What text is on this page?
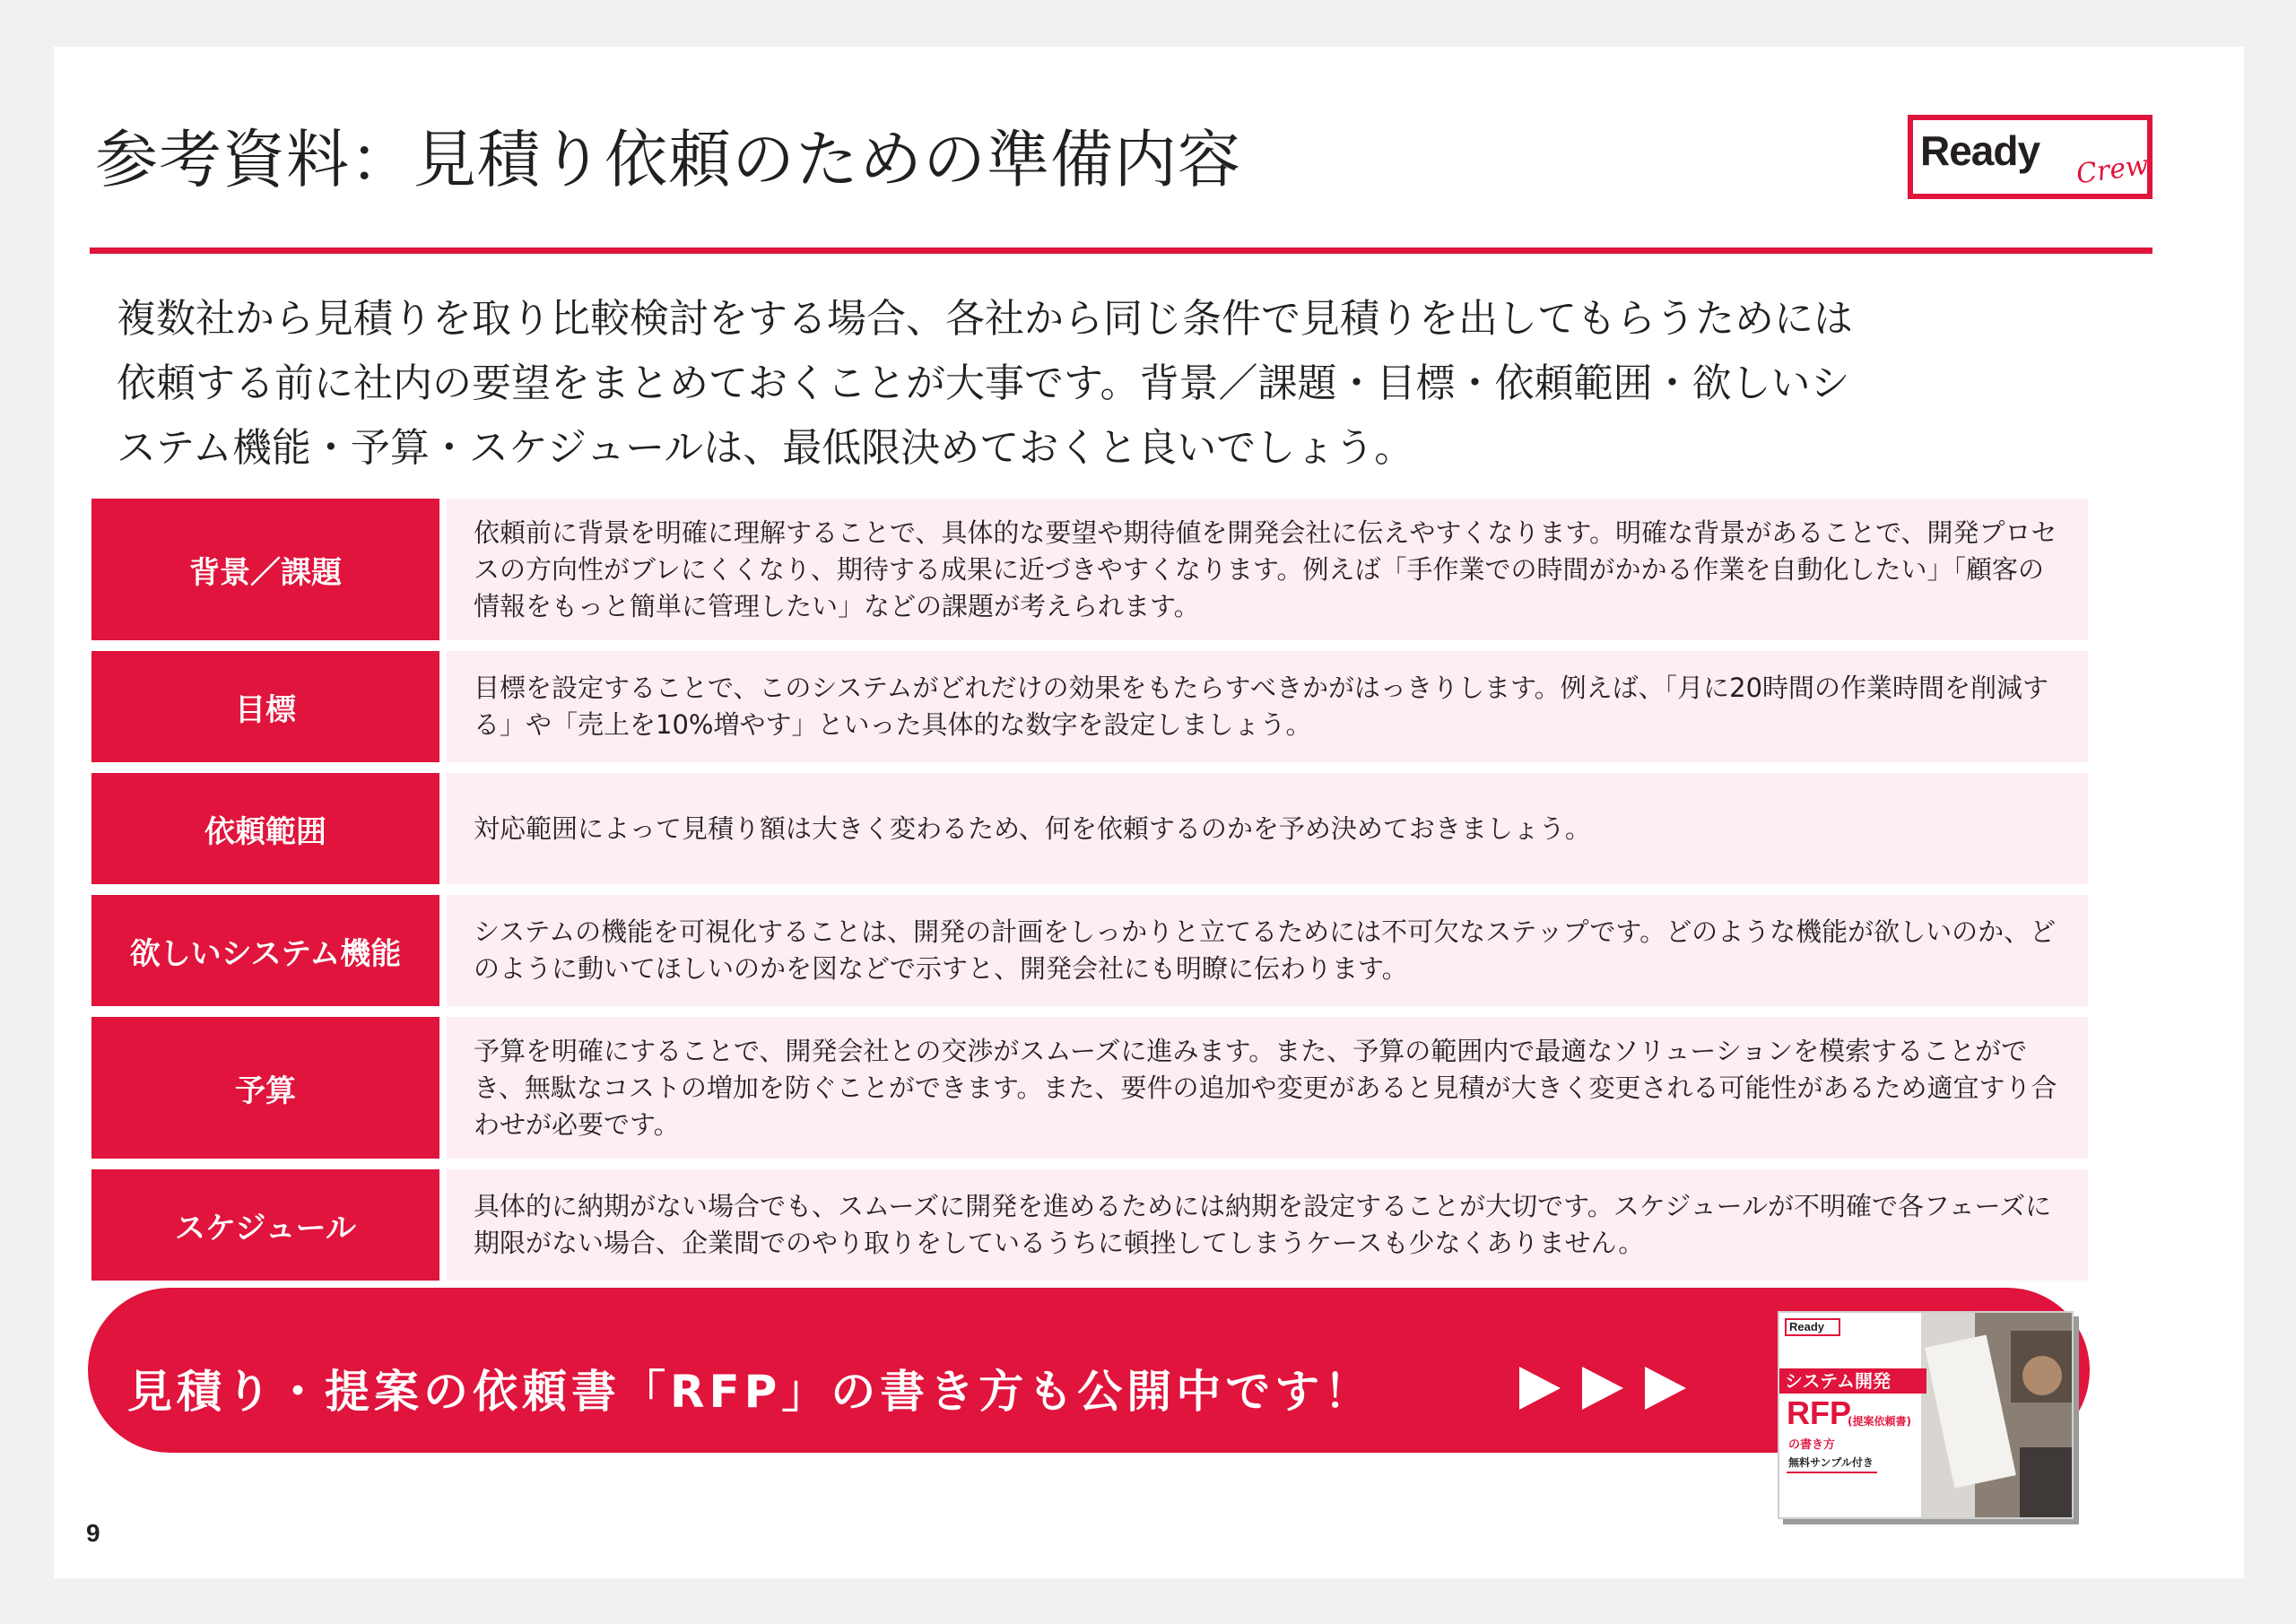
参考資料：見積り依頼のための準備内容	Ready Crew
複数社から見積りを取り比較検討をする場合、各社から同じ条件で見積りを出してもらうためには
依頼する前に社内の要望をまとめておくことが大事です。背景／課題・目標・依頼範囲・欲しいシ
ステム機能・予算・スケジュールは、最低限決めておくと良いでしょう。
背景／課題
依頼前に背景を明確に理解することで、具体的な要望や期待値を開発会社に伝えやすくなります。明確な背景があることで、開発プロセスの方向性がブレにくくなり、期待する成果に近づきやすくなります。例えば「手作業での時間がかかる作業を自動化したい」「顧客の情報をもっと簡単に管理したい」などの課題が考えられます。
目標
目標を設定することで、このシステムがどれだけの効果をもたらすべきかがはっきりします。例えば、「月に20時間の作業時間を削減する」や「売上を10%増やす」といった具体的な数字を設定しましょう。
依頼範囲	対応範囲によって見積り額は大きく変わるため、何を依頼するのかを予め決めておきましょう。
欲しいシステム機能
システムの機能を可視化することは、開発の計画をしっかりと立てるためには不可欠なステップです。どのような機能が欲しいのか、どのように動いてほしいのかを図などで示すと、開発会社にも明瞭に伝わります。
予算
予算を明確にすることで、開発会社との交渉がスムーズに進みます。また、予算の範囲内で最適なソリューションを模索することができ、無駄なコストの増加を防ぐことができます。また、要件の追加や変更があると見積が大きく変更される可能性があるため適宜すり合わせが必要です。
スケジュール
具体的に納期がない場合でも、スムーズに開発を進めるためには納期を設定することが大切です。スケジュールが不明確で各フェーズに期限がない場合、企業間でのやり取りをしているうちに頓挫してしまうケースも少なくありません。
見積り・提案の依頼書「RFP」の書き方も公開中です！
Ready
システム開発
RFP
(提案依頼書)
の書き方
無料サンプル付き
9
